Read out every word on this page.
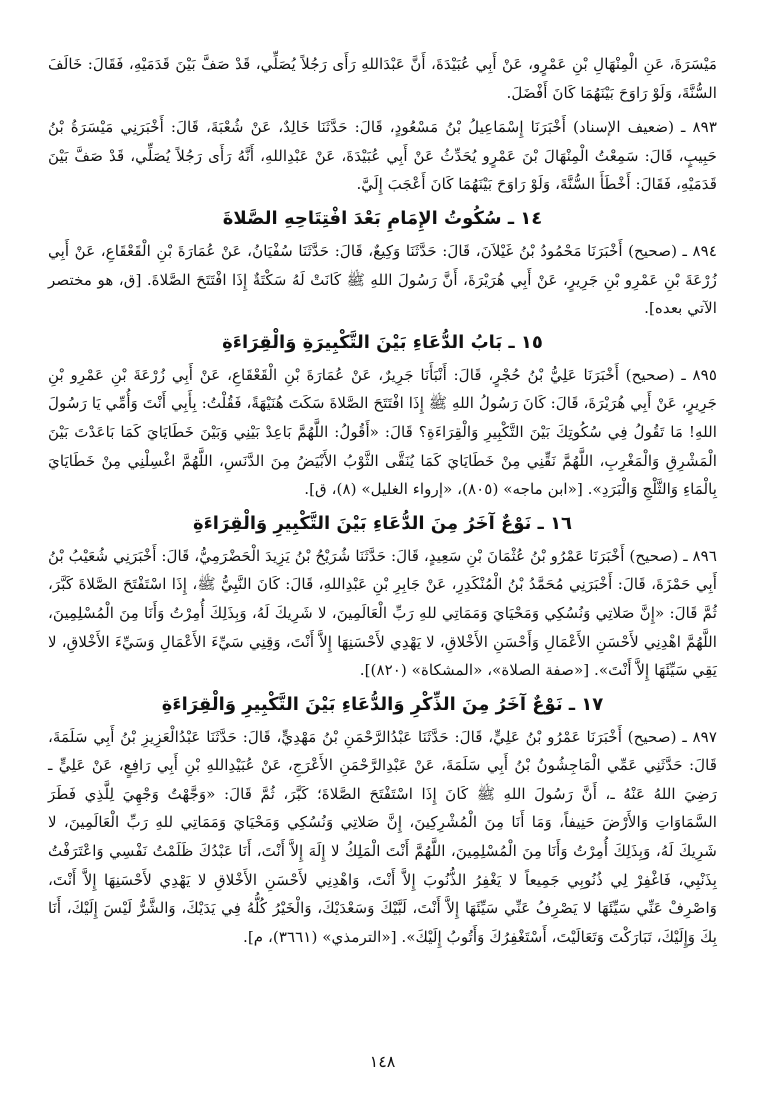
مَيْسَرَةَ، عَنِ الْمِنْهَالِ بْنِ عَمْرٍو، عَنْ أَبِي عُبَيْدَةَ، أَنَّ عَبْدَاللهِ رَأَى رَجُلاً يُصَلِّي، قَدْ صَفَّ بَيْنَ قَدَمَيْهِ، فَقَالَ: خَالَفَ السُّنَّةَ، وَلَوْ رَاوَحَ بَيْنَهُمَا كَانَ أَفْضَلَ.

٨٩٣ ـ (ضعيف الإسناد) أَخْبَرَنَا إِسْمَاعِيلُ بْنُ مَسْعُودٍ، قَالَ: حَدَّثَنَا خَالِدٌ، عَنْ شُعْبَةَ، قَالَ: أَخْبَرَنِي مَيْسَرَةُ بْنُ حَبِيبٍ، قَالَ: سَمِعْتُ الْمِنْهَالَ بْنَ عَمْرٍو يُحَدِّثُ عَنْ أَبِي عُبَيْدَةَ، عَنْ عَبْدِاللهِ، أَنَّهُ رَأَى رَجُلاً يُصَلِّي، قَدْ صَفَّ بَيْنَ قَدَمَيْهِ، فَقَالَ: أَخْطَأَ السُّنَّةَ، وَلَوْ رَاوَحَ بَيْنَهُمَا كَانَ أَعْجَبَ إِلَيَّ.

١٤ ـ سُكُوتُ الإِمَامِ بَعْدَ افْتِتَاحِهِ الصَّلاةَ

٨٩٤ ـ (صحيح) أَخْبَرَنَا مَحْمُودُ بْنُ غَيْلاَنَ، قَالَ: حَدَّثَنَا وَكِيعٌ، قَالَ: حَدَّثَنَا سُفْيَانُ، عَنْ عُمَارَةَ بْنِ الْقَعْقَاعِ، عَنْ أَبِي زُرْعَةَ بْنِ عَمْرِو بْنِ جَرِيرٍ، عَنْ أَبِي هُرَيْرَةَ، أَنَّ رَسُولَ اللهِ ﷺ كَانَتْ لَهُ سَكْتَةٌ إِذَا افْتَتَحَ الصَّلاةَ. [ق، هو مختصر الآتي بعده].

١٥ ـ بَابُ الدُّعَاءِ بَيْنَ التَّكْبِيرَةِ وَالْقِرَاءَةِ

٨٩٥ ـ (صحيح) أَخْبَرَنَا عَلِيُّ بْنُ حُجْرٍ، قَالَ: أَنْبَأَنَا جَرِيرٌ، عَنْ عُمَارَةَ بْنِ الْقَعْقَاعِ، عَنْ أَبِي زُرْعَةَ بْنِ عَمْرِو بْنِ جَرِيرٍ، عَنْ أَبِي هُرَيْرَةَ، قَالَ: كَانَ رَسُولُ اللهِ ﷺ إِذَا افْتَتَحَ الصَّلاةَ سَكَتَ هُنَيْهَةً، فَقُلْتُ: بِأَبِي أَنْتَ وَأُمِّي يَا رَسُولَ اللهِ! مَا تَقُولُ فِي سُكُوتِكَ بَيْنَ التَّكْبِيرِ وَالْقِرَاءَةِ؟ قَالَ: «أَقُولُ: اللَّهُمَّ بَاعِدْ بَيْنِي وَبَيْنَ خَطَايَايَ كَمَا بَاعَدْتَ بَيْنَ الْمَشْرِقِ وَالْمَغْرِبِ، اللَّهُمَّ نَقِّنِي مِنْ خَطَايَايَ كَمَا يُنَقَّى الثَّوْبُ الأَبْيَضُ مِنَ الدَّنَسِ، اللَّهُمَّ اغْسِلْنِي مِنْ خَطَايَايَ بِالْمَاءِ وَالثَّلْجِ وَالْبَرَدِ». [«ابن ماجه» (٨٠٥)، «إرواء الغليل» (٨)، ق].

١٦ ـ نَوْعٌ آخَرُ مِنَ الدُّعَاءِ بَيْنَ التَّكْبِيرِ وَالْقِرَاءَةِ

٨٩٦ ـ (صحيح) أَخْبَرَنَا عَمْرُو بْنُ عُثْمَانَ بْنِ سَعِيدٍ، قَالَ: حَدَّثَنَا شُرَيْحُ بْنُ يَزِيدَ الْحَضْرَمِيُّ، قَالَ: أَخْبَرَنِي شُعَيْبُ بْنُ أَبِي حَمْزَةَ، قَالَ: أَخْبَرَنِي مُحَمَّدُ بْنُ الْمُنْكَدِرِ، عَنْ جَابِرِ بْنِ عَبْدِاللهِ، قَالَ: كَانَ النَّبِيُّ ﷺ، إِذَا اسْتَفْتَحَ الصَّلاةَ كَبَّرَ، ثُمَّ قَالَ: «إِنَّ صَلاتِي وَنُسُكِي وَمَحْيَايَ وَمَمَاتِي للهِ رَبِّ الْعَالَمِينَ، لا شَرِيكَ لَهُ، وَبِذَلِكَ أُمِرْتُ وَأَنَا مِنَ الْمُسْلِمِينَ، اللَّهُمَّ اهْدِنِي لأَحْسَنِ الأَعْمَالِ وَأَحْسَنِ الأَخْلاقِ، لا يَهْدِي لأَحْسَنِهَا إِلاَّ أَنْتَ، وَقِنِي سَيِّءَ الأَعْمَالِ وَسَيِّءَ الأَخْلاقِ، لا يَقِي سَيِّئَهَا إِلاَّ أَنْتَ». [«صفة الصلاة»، «المشكاة» (٨٢٠)].

١٧ ـ نَوْعٌ آخَرُ مِنَ الذِّكْرِ وَالدُّعَاءِ بَيْنَ التَّكْبِيرِ وَالْقِرَاءَةِ

٨٩٧ ـ (صحيح) أَخْبَرَنَا عَمْرُو بْنُ عَلِيٍّ، قَالَ: حَدَّثَنَا عَبْدُالرَّحْمَنِ بْنُ مَهْدِيٍّ، قَالَ: حَدَّثَنَا عَبْدُالْعَزِيزِ بْنُ أَبِي سَلَمَةَ، قَالَ: حَدَّثَنِي عَمِّي الْمَاجِشُونُ بْنُ أَبِي سَلَمَةَ، عَنْ عَبْدِالرَّحْمَنِ الأَعْرَجِ، عَنْ عُبَيْدِاللهِ بْنِ أَبِي رَافِعٍ، عَنْ عَلِيٍّ ـ رَضِيَ اللهُ عَنْهُ ـ، أَنَّ رَسُولَ اللهِ ﷺ كَانَ إِذَا اسْتَفْتَحَ الصَّلاةَ؛ كَبَّرَ، ثُمَّ قَالَ: «وَجَّهْتُ وَجْهِيَ لِلَّذِي فَطَرَ السَّمَاوَاتِ وَالأَرْضَ حَنِيفاً، وَمَا أَنَا مِنَ الْمُشْرِكِينَ، إِنَّ صَلاتِي وَنُسُكِي وَمَحْيَايَ وَمَمَاتِي للهِ رَبِّ الْعَالَمِينَ، لا شَرِيكَ لَهُ، وَبِذَلِكَ أُمِرْتُ وَأَنَا مِنَ الْمُسْلِمِينَ، اللَّهُمَّ أَنْتَ الْمَلِكُ لا إِلَهَ إِلاَّ أَنْتَ، أَنَا عَبْدُكَ ظَلَمْتُ نَفْسِي وَاعْتَرَفْتُ بِذَنْبِي، فَاغْفِرْ لِي ذُنُوبِي جَمِيعاً لا يَغْفِرُ الذُّنُوبَ إِلاَّ أَنْتَ، وَاهْدِنِي لأَحْسَنِ الأَخْلاقِ لا يَهْدِي لأَحْسَنِهَا إِلاَّ أَنْتَ، وَاصْرِفْ عَنِّي سَيِّئَهَا لا يَصْرِفُ عَنِّي سَيِّئَهَا إِلاَّ أَنْتَ، لَبَّيْكَ وَسَعْدَيْكَ، وَالْخَيْرُ كُلُّهُ فِي يَدَيْكَ، وَالشَّرُّ لَيْسَ إِلَيْكَ، أَنَا بِكَ وَإِلَيْكَ، تَبَارَكْتَ وَتَعَالَيْتَ، أَسْتَغْفِرُكَ وَأَتُوبُ إِلَيْكَ». [«الترمذي» (٣٦٦١)، م].

١٤٨
